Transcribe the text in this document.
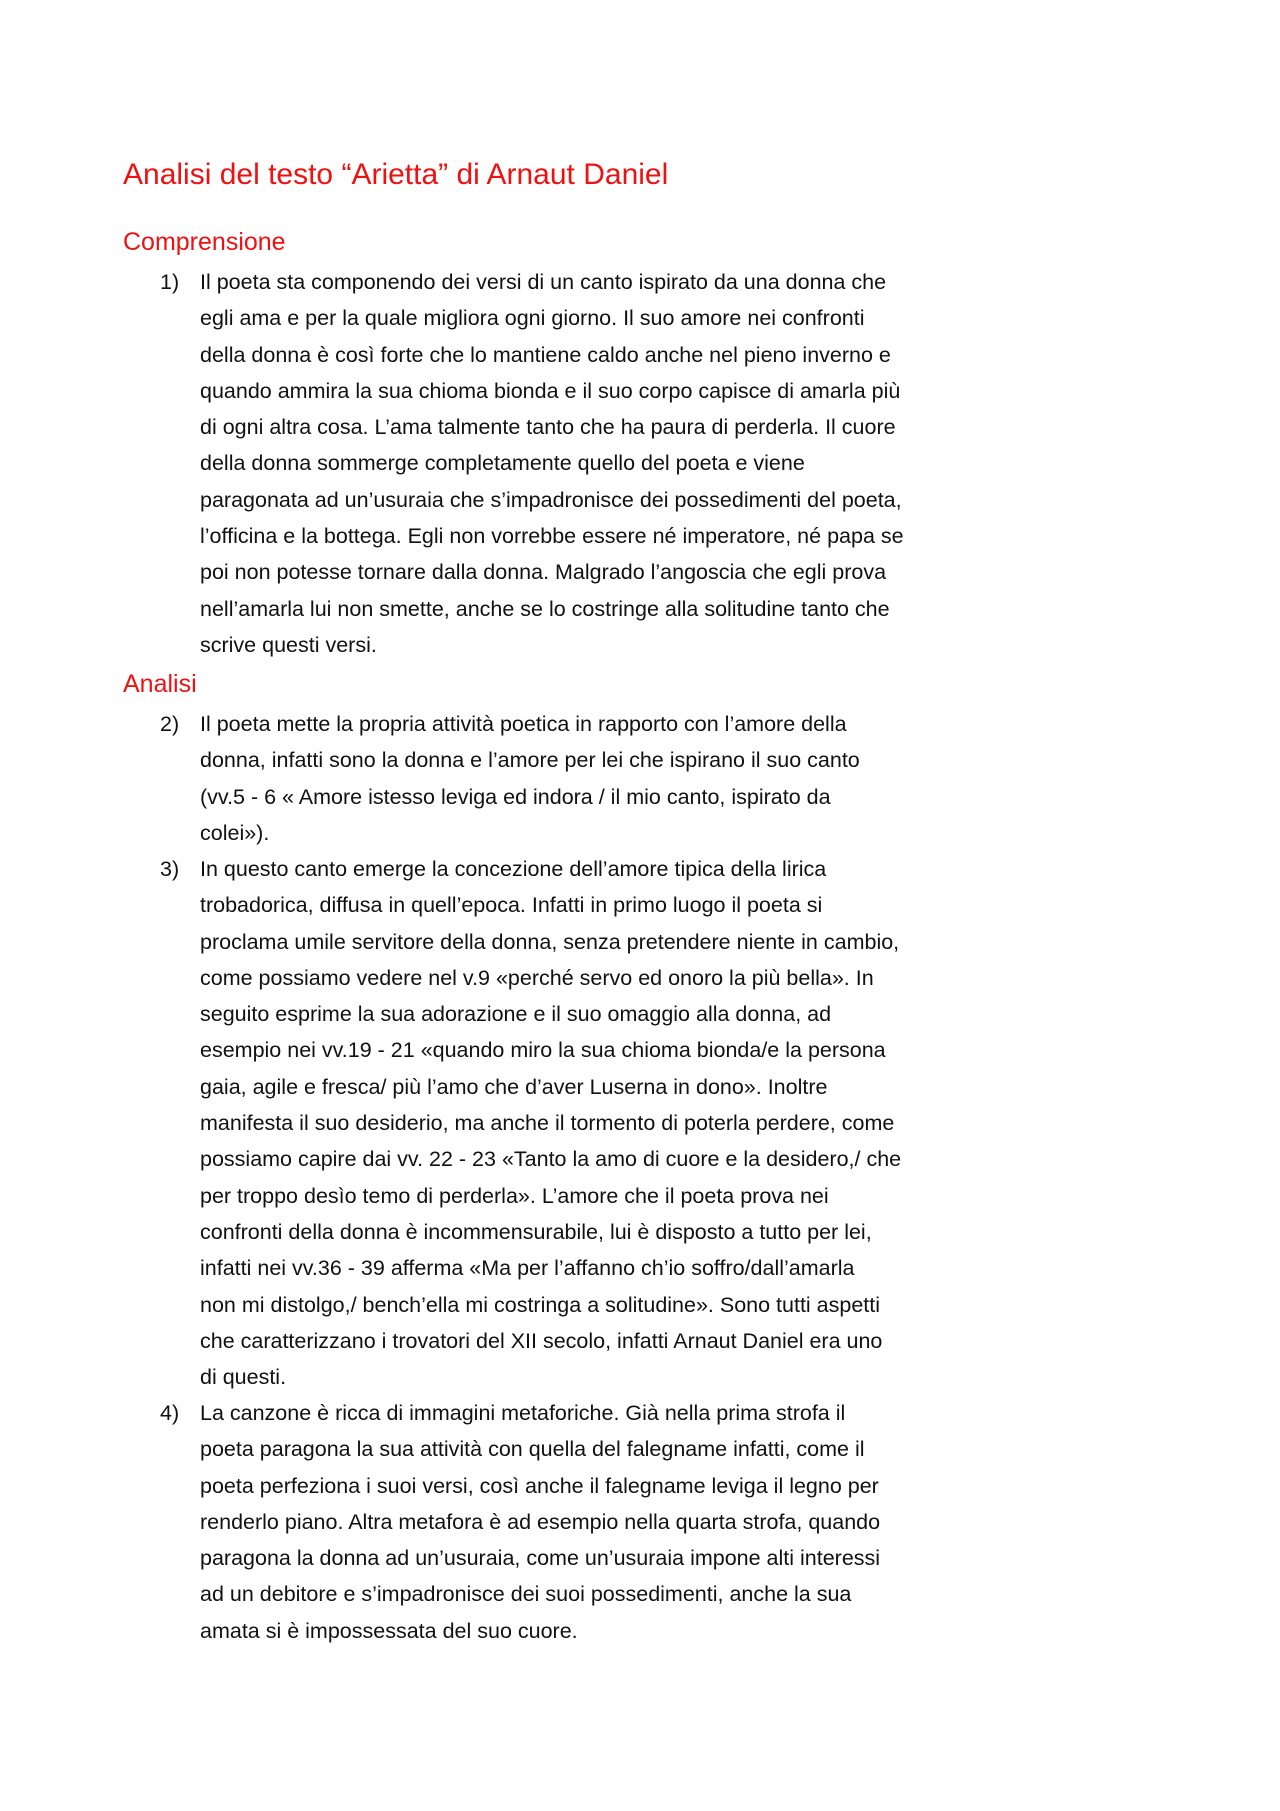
Analisi del testo “Arietta” di Arnaut Daniel
Comprensione
1) Il poeta sta componendo dei versi di un canto ispirato da una donna che
egli ama e per la quale migliora ogni giorno. Il suo amore nei confronti
della donna è così forte che lo mantiene caldo anche nel pieno inverno e
quando ammira la sua chioma bionda e il suo corpo capisce di amarla più
di ogni altra cosa. L’ama talmente tanto che ha paura di perderla. Il cuore
della donna sommerge completamente quello del poeta e viene
paragonata ad un’usuraia che s’impadronisce dei possedimenti del poeta,
l’officina e la bottega. Egli non vorrebbe essere né imperatore, né papa se
poi non potesse tornare dalla donna. Malgrado l’angoscia che egli prova
nell’amarla lui non smette, anche se lo costringe alla solitudine tanto che
scrive questi versi.

Analisi
2) Il poeta mette la propria attività poetica in rapporto con l’amore della
donna, infatti sono la donna e l’amore per lei che ispirano il suo canto
(vv.5 - 6 « Amore istesso leviga ed indora / il mio canto, ispirato da
colei»).

3) In questo canto emerge la concezione dell’amore tipica della lirica
trobadorica, diffusa in quell’epoca. Infatti in primo luogo il poeta si
proclama umile servitore della donna, senza pretendere niente in cambio,
come possiamo vedere nel v.9 «perché servo ed onoro la più bella». In
seguito esprime la sua adorazione e il suo omaggio alla donna, ad
esempio nei vv.19 - 21 «quando miro la sua chioma bionda/e la persona
gaia, agile e fresca/ più l’amo che d’aver Luserna in dono». Inoltre
manifesta il suo desiderio, ma anche il tormento di poterla perdere, come
possiamo capire dai vv. 22 - 23 «Tanto la amo di cuore e la desidero,/ che
per troppo desìo temo di perderla». L’amore che il poeta prova nei
confronti della donna è incommensurabile, lui è disposto a tutto per lei,
infatti nei vv.36 - 39 afferma «Ma per l’affanno ch’io soffro/dall’amarla
non mi distolgo,/ bench’ella mi costringa a solitudine». Sono tutti aspetti
che caratterizzano i trovatori del XII secolo, infatti Arnaut Daniel era uno
di questi.

4) La canzone è ricca di immagini metaforiche. Già nella prima strofa il
poeta paragona la sua attività con quella del falegname infatti, come il
poeta perfeziona i suoi versi, così anche il falegname leviga il legno per
renderlo piano. Altra metafora è ad esempio nella quarta strofa, quando
paragona la donna ad un’usuraia, come un’usuraia impone alti interessi
ad un debitore e s’impadronisce dei suoi possedimenti, anche la sua
amata si è impossessata del suo cuore.
